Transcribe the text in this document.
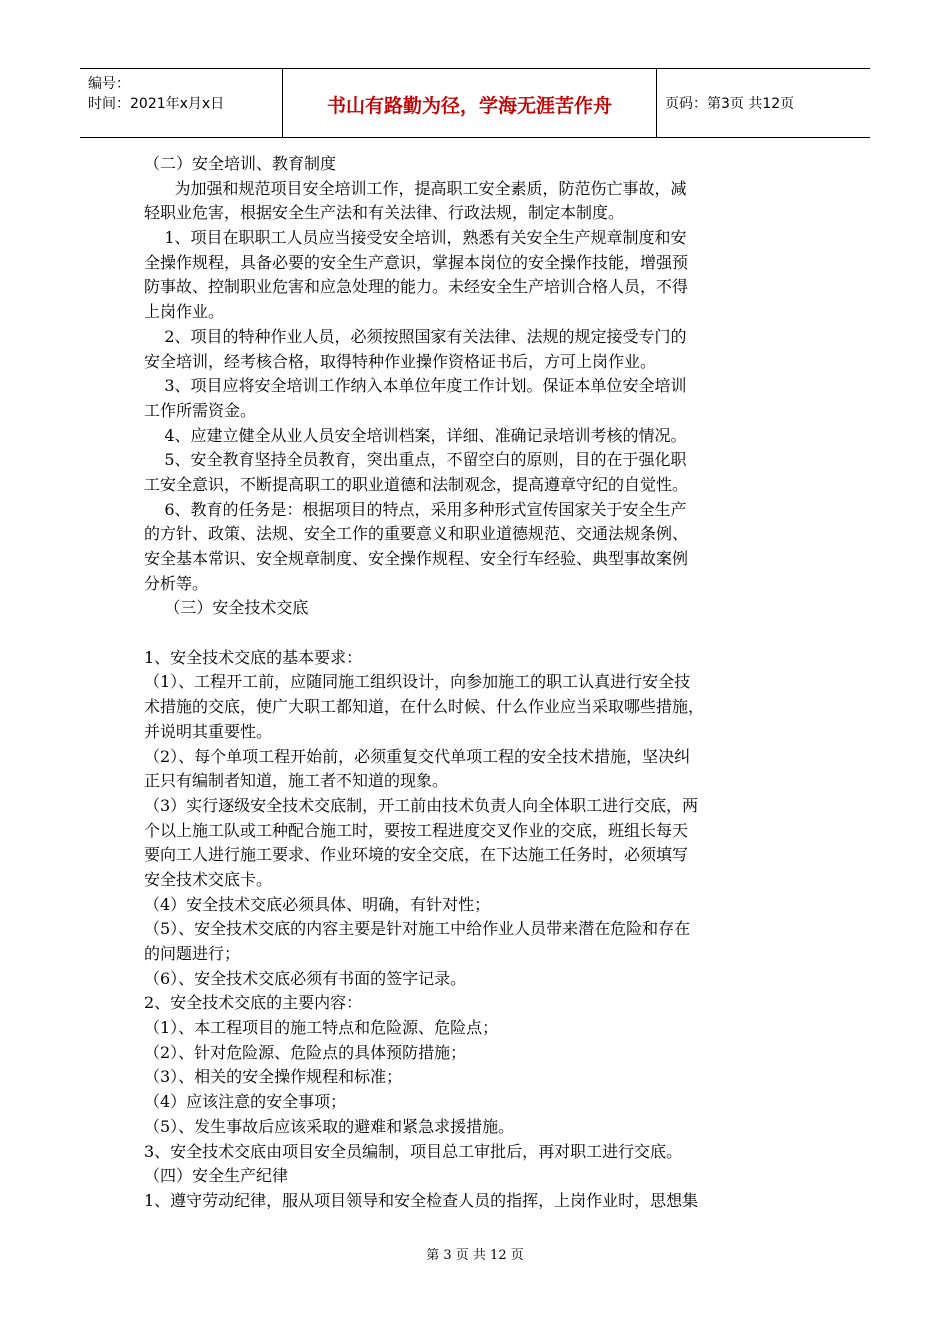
编号：
时间：2021年x月x日	书山有路勤为径，学海无涯苦作舟	页码：第3页 共12页
（二）安全培训、教育制度
为加强和规范项目安全培训工作，提高职工安全素质，防范伤亡事故，减
轻职业危害，根据安全生产法和有关法律、行政法规，制定本制度。
1、项目在职职工人员应当接受安全培训，熟悉有关安全生产规章制度和安
全操作规程，具备必要的安全生产意识，掌握本岗位的安全操作技能，增强预
防事故、控制职业危害和应急处理的能力。未经安全生产培训合格人员，不得
上岗作业。
2、项目的特种作业人员，必须按照国家有关法律、法规的规定接受专门的
安全培训，经考核合格，取得特种作业操作资格证书后，方可上岗作业。
3、项目应将安全培训工作纳入本单位年度工作计划。保证本单位安全培训
工作所需资金。
4、应建立健全从业人员安全培训档案，详细、准确记录培训考核的情况。
5、安全教育坚持全员教育，突出重点，不留空白的原则，目的在于强化职
工安全意识，不断提高职工的职业道德和法制观念，提高遵章守纪的自觉性。
6、教育的任务是：根据项目的特点，采用多种形式宣传国家关于安全生产
的方针、政策、法规、安全工作的重要意义和职业道德规范、交通法规条例、
安全基本常识、安全规章制度、安全操作规程、安全行车经验、典型事故案例
分析等。
（三）安全技术交底
1、安全技术交底的基本要求：
（1）、工程开工前，应随同施工组织设计，向参加施工的职工认真进行安全技
术措施的交底，使广大职工都知道，在什么时候、什么作业应当采取哪些措施，
并说明其重要性。
（2）、每个单项工程开始前，必须重复交代单项工程的安全技术措施，坚决纠
正只有编制者知道，施工者不知道的现象。
（3）实行逐级安全技术交底制，开工前由技术负责人向全体职工进行交底，两
个以上施工队或工种配合施工时，要按工程进度交叉作业的交底，班组长每天
要向工人进行施工要求、作业环境的安全交底，在下达施工任务时，必须填写
安全技术交底卡。
（4）安全技术交底必须具体、明确，有针对性；
（5）、安全技术交底的内容主要是针对施工中给作业人员带来潜在危险和存在
的问题进行；
（6）、安全技术交底必须有书面的签字记录。
2、安全技术交底的主要内容：
（1）、本工程项目的施工特点和危险源、危险点；
（2）、针对危险源、危险点的具体预防措施；
（3）、相关的安全操作规程和标准；
（4）应该注意的安全事项；
（5）、发生事故后应该采取的避难和紧急求援措施。
3、安全技术交底由项目安全员编制，项目总工审批后，再对职工进行交底。
（四）安全生产纪律
1、遵守劳动纪律，服从项目领导和安全检查人员的指挥，上岗作业时，思想集
第 3 页 共 12 页
